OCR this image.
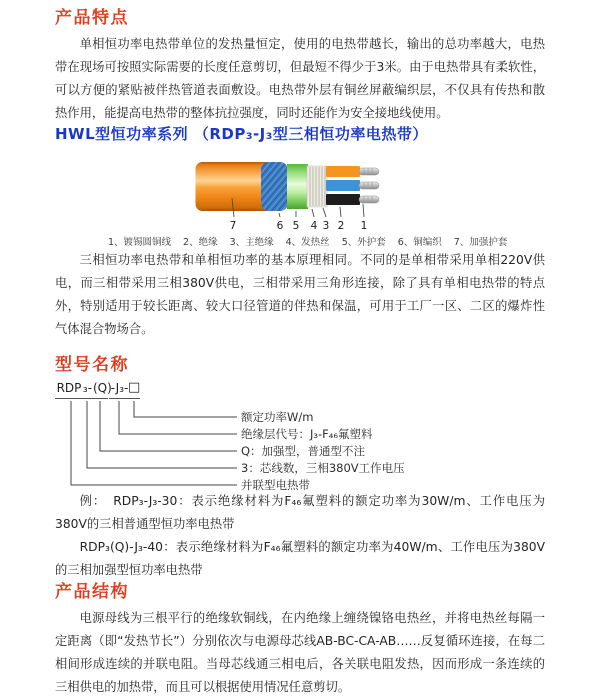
产品特点

单相恒功率电热带单位的发热量恒定，使用的电热带越长，输出的总功率越大，电热带在现场可按照实际需要的长度任意剪切，但最短不得少于3米。由于电热带具有柔软性，可以方便的紧贴被伴热管道表面敷设。电热带外层有铜丝屏蔽编织层，不仅具有传热和散热作用，能提高电热带的整体抗拉强度，同时还能作为安全接地线使用。

HWL型恒功率系列 （RDP₃-J₃型三相恒功率电热带）
7	6 5 4 3 2 1
1、镀锡圆铜线 2、绝缘 3、主绝缘 4、发热丝 5、外护套 6、铜编织 7、加强护套

三相恒功率电热带和单相恒功率的基本原理相同。不同的是单相带采用单相220V供电，而三相带采用三相380V供电，三相带采用三角形连接，除了具有单相电热带的特点外，特别适用于较长距离、较大口径管道的伴热和保温，可用于工厂一区、二区的爆炸性气体混合物场合。

型号名称
RDP ₃- (Q)
-J₃- □
额定功率W/m
绝缘层代号：J₃-F₄₆氟塑料
Q：加强型，普通型不注
3：芯线数，三相380V工作电压
并联型电热带

例：　RDP₃-J₃-30：表示绝缘材料为F₄₆氟塑料的额定功率为30W/m、工作电压为380V的三相普通型恒功率电热带

RDP₃(Q)-J₃-40：表示绝缘材料为F₄₆氟塑料的额定功率为40W/m、工作电压为380V的三相加强型恒功率电热带

产品结构

电源母线为三根平行的绝缘软铜线，在内绝缘上缠绕镍铬电热丝，并将电热丝每隔一定距离（即“发热节长”）分别依次与电源母芯线AB-BC-CA-AB……反复循环连接，在每二相间形成连续的并联电阻。当母芯线通三相电后，各关联电阻发热，因而形成一条连续的三相供电的加热带，而且可以根据使用情况任意剪切。
